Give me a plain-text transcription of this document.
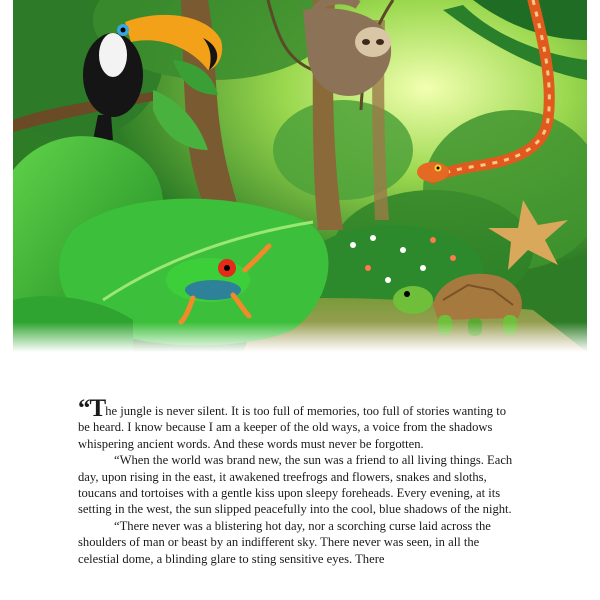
“The jungle is never silent. It is too full of memories, too full of stories wanting to be heard. I know because I am a keeper of the old ways, a voice from the shadows whispering ancient words. And these words must never be forgotten.

“When the world was brand new, the sun was a friend to all living things. Each day, upon rising in the east, it awakened treefrogs and flowers, snakes and sloths, toucans and tortoises with a gentle kiss upon sleepy foreheads. Every evening, at its setting in the west, the sun slipped peacefully into the cool, blue shadows of the night.

“There never was a blistering hot day, nor a scorching curse laid across the shoulders of man or beast by an indifferent sky. There never was seen, in all the celestial dome, a blinding glare to sting sensitive eyes. There
